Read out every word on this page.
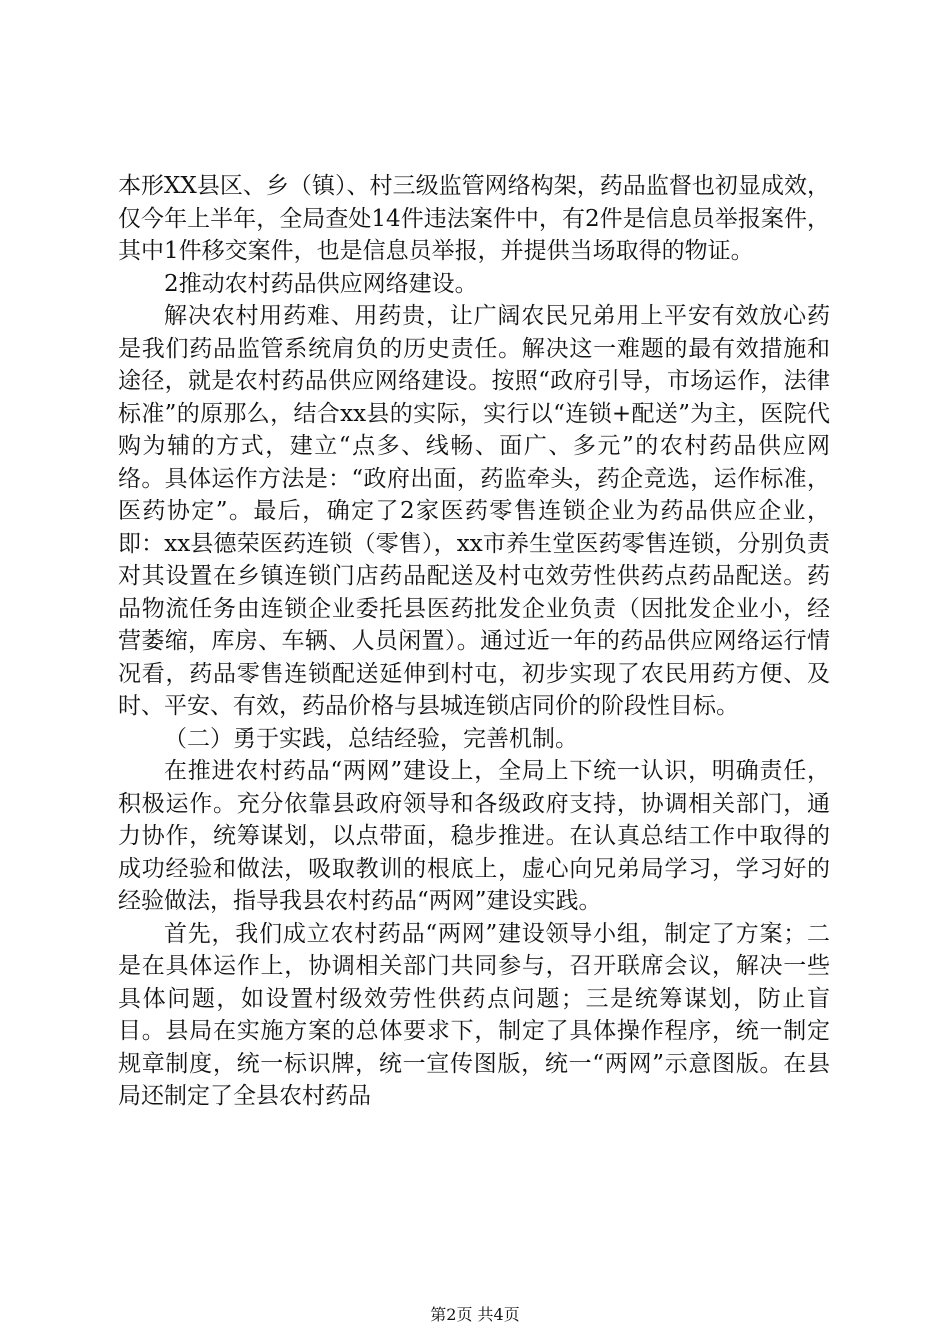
本形XX县区、乡（镇）、村三级监管网络构架，药品监督也初显成效，仅今年上半年，全局查处14件违法案件中，有2件是信息员举报案件，其中1件移交案件，也是信息员举报，并提供当场取得的物证。

2推动农村药品供应网络建设。

解决农村用药难、用药贵，让广阔农民兄弟用上平安有效放心药是我们药品监管系统肩负的历史责任。解决这一难题的最有效措施和途径，就是农村药品供应网络建设。按照“政府引导，市场运作，法律标准”的原那么，结合xx县的实际，实行以“连锁+配送”为主，医院代购为辅的方式，建立“点多、线畅、面广、多元”的农村药品供应网络。具体运作方法是：“政府出面，药监牵头，药企竞选，运作标准，医药协定”。最后，确定了2家医药零售连锁企业为药品供应企业，即：xx县德荣医药连锁（零售），xx市养生堂医药零售连锁，分别负责对其设置在乡镇连锁门店药品配送及村屯效劳性供药点药品配送。药品物流任务由连锁企业委托县医药批发企业负责（因批发企业小，经营萎缩，库房、车辆、人员闲置）。通过近一年的药品供应网络运行情况看，药品零售连锁配送延伸到村屯，初步实现了农民用药方便、及时、平安、有效，药品价格与县城连锁店同价的阶段性目标。

（二）勇于实践，总结经验，完善机制。

在推进农村药品“两网”建设上，全局上下统一认识，明确责任，积极运作。充分依靠县政府领导和各级政府支持，协调相关部门，通力协作，统筹谋划，以点带面，稳步推进。在认真总结工作中取得的成功经验和做法，吸取教训的根底上，虚心向兄弟局学习，学习好的经验做法，指导我县农村药品“两网”建设实践。

首先，我们成立农村药品“两网”建设领导小组，制定了方案；二是在具体运作上，协调相关部门共同参与，召开联席会议，解决一些具体问题，如设置村级效劳性供药点问题；三是统筹谋划，防止盲目。县局在实施方案的总体要求下，制定了具体操作程序，统一制定规章制度，统一标识牌，统一宣传图版，统一“两网”示意图版。在县局还制定了全县农村药品

第2页 共4页
